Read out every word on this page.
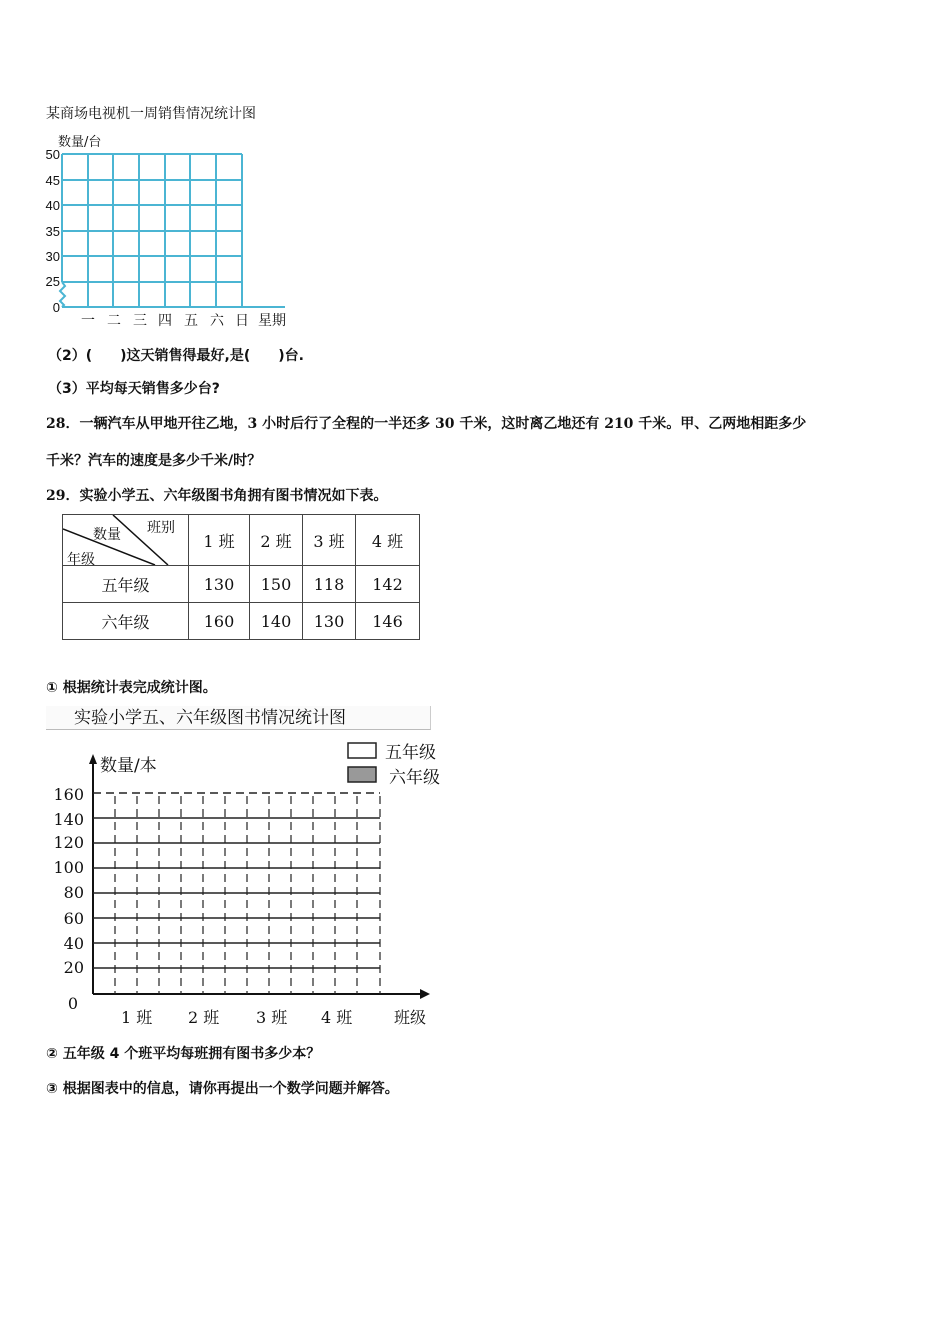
某商场电视机一周销售情况统计图
数量/台
50
45
40
35
30
25
0
一 二 三 四 五 六 日 星期
（2）(　　)这天销售得最好,是(　　)台.
（3）平均每天销售多少台?
28．一辆汽车从甲地开往乙地，3 小时后行了全程的一半还多 30 千米，这时离乙地还有 210 千米。甲、乙两地相距多少
千米？汽车的速度是多少千米/时？
29．实验小学五、六年级图书角拥有图书情况如下表。
班别
数量
年级	1 班	2 班	3 班	4 班
五年级	130	150	118	142
六年级	160	140	130	146
① 根据统计表完成统计图。
实验小学五、六年级图书情况统计图
数量/本
五年级
六年级
160
140
120
100
80
60
40
20
0
1 班 2 班 3 班 4 班	班级
② 五年级 4 个班平均每班拥有图书多少本？
③ 根据图表中的信息，请你再提出一个数学问题并解答。
